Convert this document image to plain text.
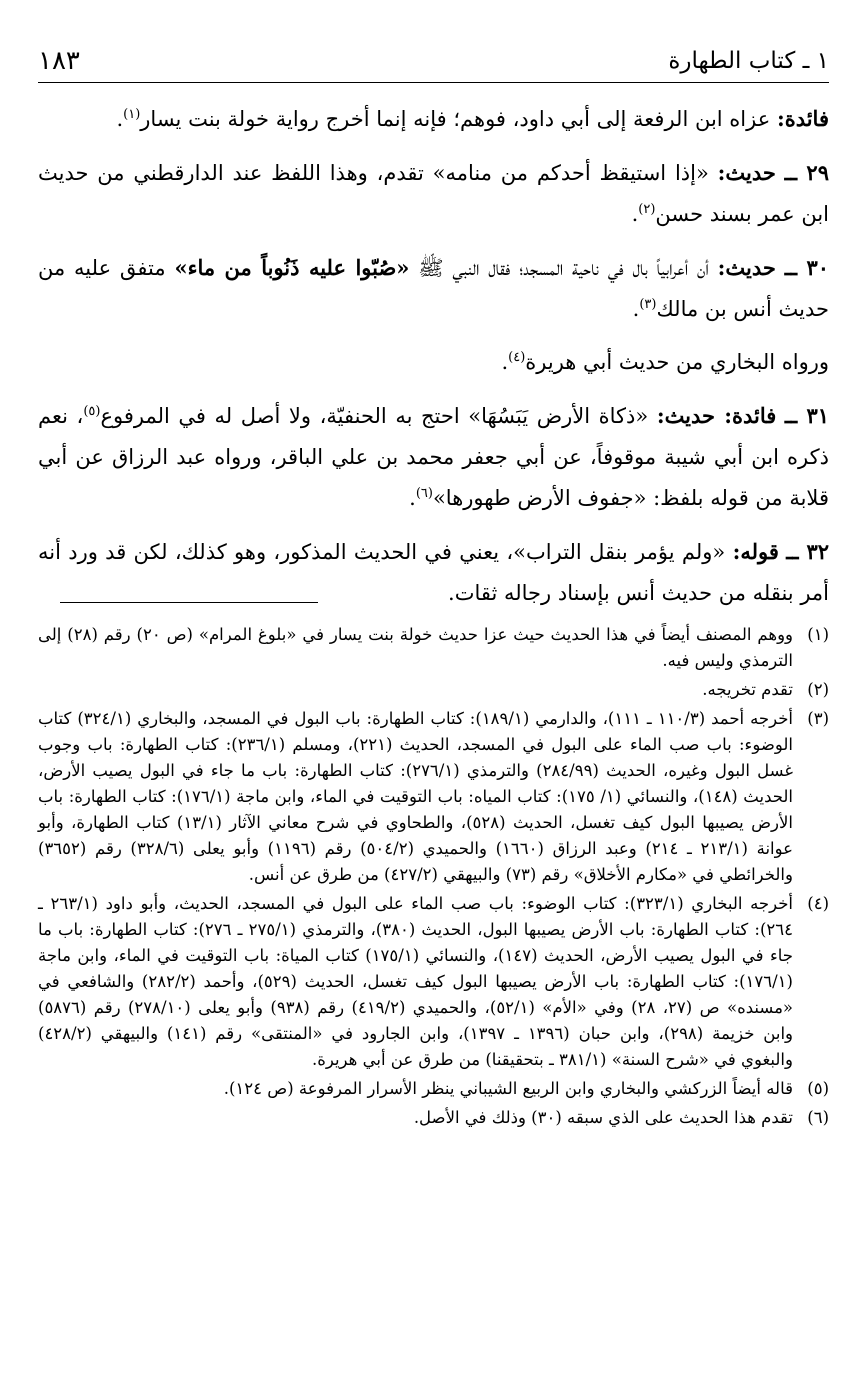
١ ـ كتاب الطهارة
١٨٣

فائدة: عزاه ابن الرفعة إلى أبي داود، فوهم؛ فإنه إنما أخرج رواية خولة بنت يسار$^{(١)}$.

٢٩ ــ حديث: «إذا استيقظ أحدكم من منامه» تقدم، وهذا اللفظ عند الدارقطني من حديث ابن عمر بسند حسن$^{(٢)}$.

٣٠ ــ حديث: أن أعرابياً بال في ناحية المسجد؛ فقال النبي ﷺ «صُبّوا عليه ذَنُوباً من ماء» متفق عليه من حديث أنس بن مالك$^{(٣)}$.

ورواه البخاري من حديث أبي هريرة$^{(٤)}$.

٣١ ــ فائدة: حديث: «ذكاة الأرض يَبَسُهَا» احتج به الحنفيّة، ولا أصل له في المرفوع$^{(٥)}$، نعم ذكره ابن أبي شيبة موقوفاً، عن أبي جعفر محمد بن علي الباقر، ورواه عبد الرزاق عن أبي قلابة من قوله بلفظ: «جفوف الأرض طهورها»$^{(٦)}$.

٣٢ ــ قوله: «ولم يؤمر بنقل التراب»، يعني في الحديث المذكور، وهو كذلك، لكن قد ورد أنه أمر بنقله من حديث أنس بإسناد رجاله ثقات.

(١)
ووهم المصنف أيضاً في هذا الحديث حيث عزا حديث خولة بنت يسار في «بلوغ المرام» (ص ٢٠) رقم (٢٨) إلى الترمذي وليس فيه.
(٢)
تقدم تخريجه.
(٣)
أخرجه أحمد (١١٠/٣ ـ ١١١)، والدارمي (١٨٩/١): كتاب الطهارة: باب البول في المسجد، والبخاري (٣٢٤/١) كتاب الوضوء: باب صب الماء على البول في المسجد، الحديث (٢٢١)، ومسلم (٢٣٦/١): كتاب الطهارة: باب وجوب غسل البول وغيره، الحديث (٢٨٤/٩٩) والترمذي (٢٧٦/١): كتاب الطهارة: باب ما جاء في البول يصيب الأرض، الحديث (١٤٨)، والنسائي (١/ ١٧٥): كتاب المياه: باب التوقيت في الماء، وابن ماجة (١٧٦/١): كتاب الطهارة: باب الأرض يصيبها البول كيف تغسل، الحديث (٥٢٨)، والطحاوي في شرح معاني الآثار (١٣/١) كتاب الطهارة، وأبو عوانة (٢١٣/١ ـ ٢١٤) وعبد الرزاق (١٦٦٠) والحميدي (٥٠٤/٢) رقم (١١٩٦) وأبو يعلى (٣٢٨/٦) رقم (٣٦٥٢) والخرائطي في «مكارم الأخلاق» رقم (٧٣) والبيهقي (٤٢٧/٢) من طرق عن أنس.
(٤)
أخرجه البخاري (٣٢٣/١): كتاب الوضوء: باب صب الماء على البول في المسجد، الحديث، وأبو داود (٢٦٣/١ ـ ٢٦٤): كتاب الطهارة: باب الأرض يصيبها البول، الحديث (٣٨٠)، والترمذي (٢٧٥/١ ـ ٢٧٦): كتاب الطهارة: باب ما جاء في البول يصيب الأرض، الحديث (١٤٧)، والنسائي (١٧٥/١) كتاب المياة: باب التوقيت في الماء، وابن ماجة (١٧٦/١): كتاب الطهارة: باب الأرض يصيبها البول كيف تغسل، الحديث (٥٢٩)، وأحمد (٢٨٢/٢) والشافعي في «مسنده» ص (٢٧، ٢٨) وفي «الأم» (٥٢/١)، والحميدي (٤١٩/٢) رقم (٩٣٨) وأبو يعلى (٢٧٨/١٠) رقم (٥٨٧٦) وابن خزيمة (٢٩٨)، وابن حبان (١٣٩٦ ـ ١٣٩٧)، وابن الجارود في «المنتقى» رقم (١٤١) والبيهقي (٤٢٨/٢) والبغوي في «شرح السنة» (٣٨١/١ ـ بتحقيقنا) من طرق عن أبي هريرة.
(٥)
قاله أيضاً الزركشي والبخاري وابن الربيع الشيباني ينظر الأسرار المرفوعة (ص ١٢٤).
(٦)
تقدم هذا الحديث على الذي سبقه (٣٠) وذلك في الأصل.
